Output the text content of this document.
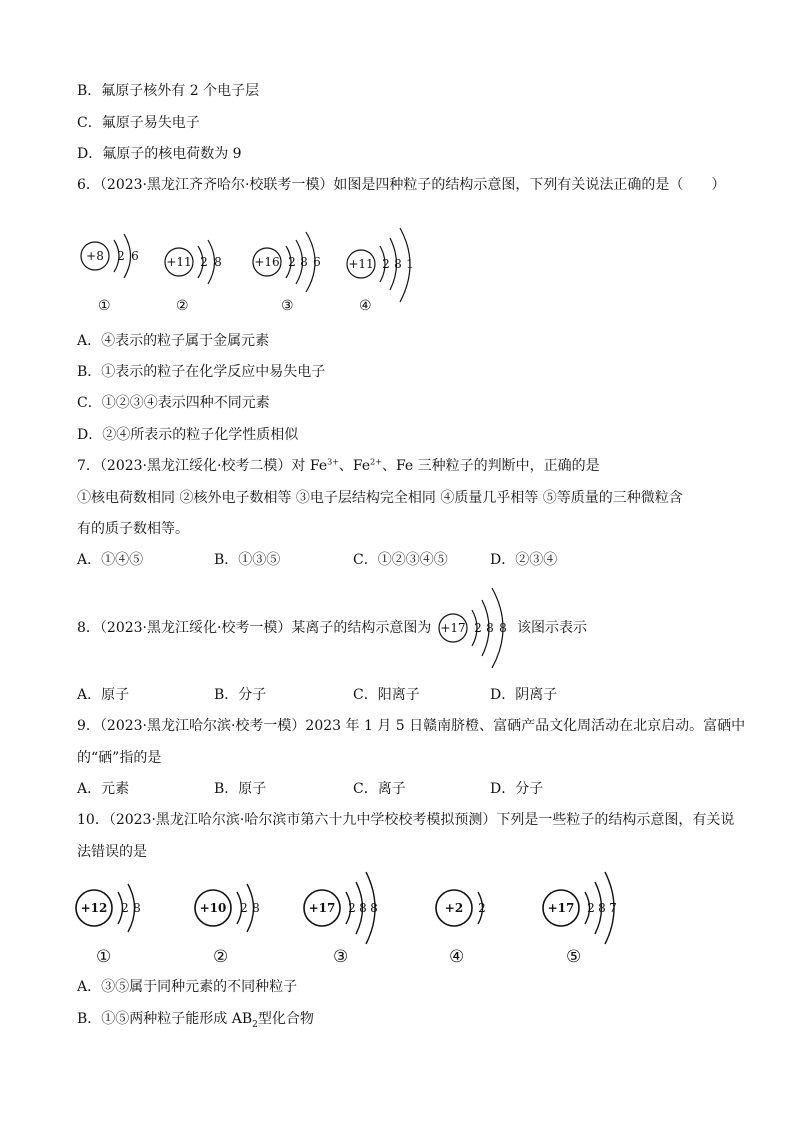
B．氟原子核外有 2 个电子层
C．氟原子易失电子
D．氟原子的核电荷数为 9
6．（2023·黑龙江齐齐哈尔·校联考一模）如图是四种粒子的结构示意图，下列有关说法正确的是（　　）
+8 2 6
①
+11 2 8
②
+16 2 8 6
③
+11 2 8 1
④
A．④表示的粒子属于金属元素
B．①表示的粒子在化学反应中易失电子
C．①②③④表示四种不同元素
D．②④所表示的粒子化学性质相似
7．（2023·黑龙江绥化·校考二模）对 $Fe^{3+}$、$Fe^{2+}$、Fe 三种粒子的判断中，正确的是
①核电荷数相同 ②核外电子数相等 ③电子层结构完全相同 ④质量几乎相等 ⑤等质量的三种微粒含
有的质子数相等。
A．①④⑤	B．①③⑤	C．①②③④⑤	D．②③④
8．（2023·黑龙江绥化·校考一模）某离子的结构示意图为 +17 2 8 8 该图示表示
A．原子	B．分子	C．阳离子	D．阴离子
9．（2023·黑龙江哈尔滨·校考一模）2023 年 1 月 5 日赣南脐橙、富硒产品文化周活动在北京启动。富硒中
的“硒”指的是
A．元素	B．原子	C．离子	D．分子
10．（2023·黑龙江哈尔滨·哈尔滨市第六十九中学校校考模拟预测）下列是一些粒子的结构示意图，有关说
法错误的是
+12 2 8
①
+10 2 8
②
+17 2 8 8
③
+2 2
④
+17 2 8 7
⑤
A．③⑤属于同种元素的不同种粒子
B．①⑤两种粒子能形成 $AB_2$型化合物
